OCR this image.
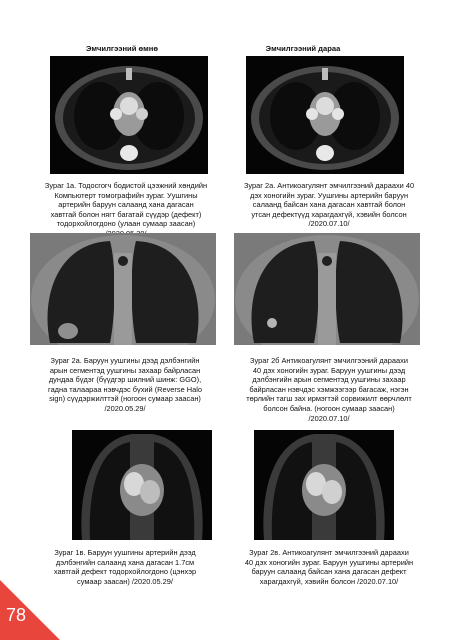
Эмчилгээний өмнө	Эмчилгээний дараа
Зураг 1а. Тодосгогч бодистой цээжний хөндийн
Компьютерт томографийн зураг. Уушгины
артерийн баруун салаанд хана дагасан
хавтгай болон нягт багатай сүүдэр (дефект)
тодорхойлогдоно (улаан сумаар заасан)

Зураг 2а. Антикоагулянт эмчилгээний дараахи 40
дэх хоногийн зураг. Уушгины артерийн баруун
салаанд байсан хана дагасан хавтгай болон
утсан дефектүүд харагдахгүй, хэвийн болсон
/2020.07.10/
Зураг 2а. Баруун уушгины дээд дэлбэнгийн
арын сегментэд уушгины захаар байрласан
дундаа бүдэг (бүүдгэр шилний шинж: GGO),
гадна талаараа нэвчдэс бүхий (Reverse Halo
sign) сүүдэржилттэй (ногоон сумаар заасан)
/2020.05.29/
Зураг 2б Антикоагулянт эмчилгээний дараахи
40 дэх хоногийн зураг. Баруун уушгины дээд
дэлбэнгийн арын сегментэд уушгины захаар
байрласан нэвчдэс хэмжээгээр багасаж, нэгэн
төрлийн тагш зах ирмэгтэй сорвижилт өөрчлөлт
болсон байна. (ногоон сумаар заасан)
/2020.07.10/
Зураг 1в. Баруун уушгины артерийн дээд
дэлбэнгийн салаанд хана дагасан 1.7см
хавтгай дефект тодорхойлогдоно (цэнхэр
сумаар заасан) /2020.05.29/
Зураг 2в. Антикоагулянт эмчилгээний дараахи
40 дэх хоногийн зураг. Баруун уушгины артерийн
баруун салаанд байсан хана дагасан дефект
харагдахгүй, хэвийн болсон /2020.07.10/
78
